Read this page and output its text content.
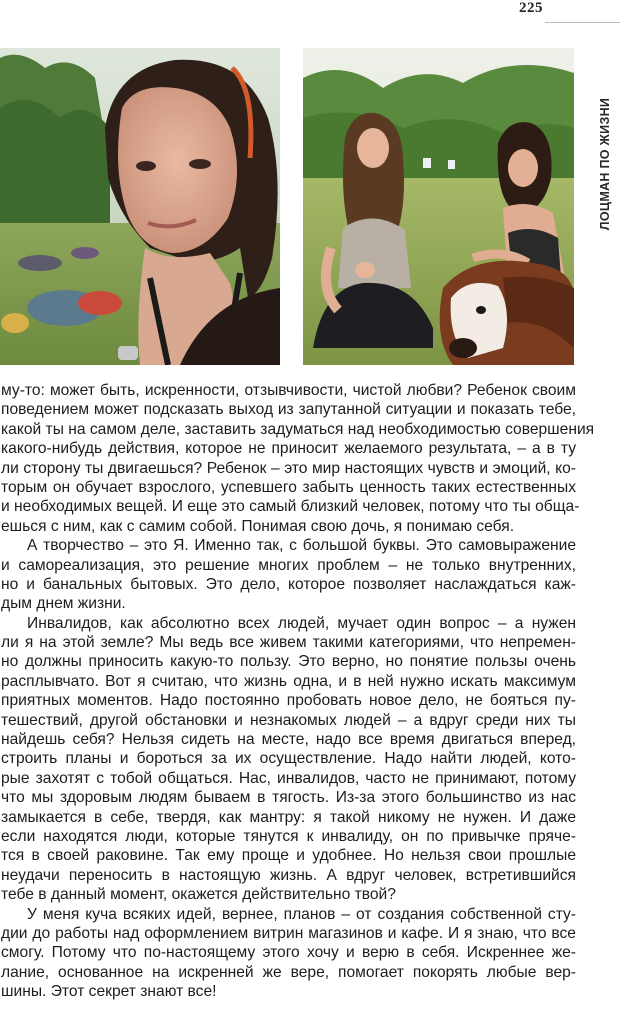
225
ЛОЦМАН ПО ЖИЗНИ
му-то: может быть, искренности, отзывчивости, чистой любви? Ребенок своим
поведением может подсказать выход из запутанной ситуации и показать тебе,
какой ты на самом деле, заставить задуматься над необходимостью совершения
какого-нибудь действия, которое не приносит желаемого результата, – а в ту
ли сторону ты двигаешься? Ребенок – это мир настоящих чувств и эмоций, ко-
торым он обучает взрослого, успевшего забыть ценность таких естественных
и необходимых вещей. И еще это самый близкий человек, потому что ты обща-
ешься с ним, как с самим собой. Понимая свою дочь, я понимаю себя.
А творчество – это Я. Именно так, с большой буквы. Это самовыражение
и самореализация, это решение многих проблем – не только внутренних,
но и банальных бытовых. Это дело, которое позволяет наслаждаться каж-
дым днем жизни.
Инвалидов, как абсолютно всех людей, мучает один вопрос – а нужен
ли я на этой земле? Мы ведь все живем такими категориями, что непремен-
но должны приносить какую-то пользу. Это верно, но понятие пользы очень
расплывчато. Вот я считаю, что жизнь одна, и в ней нужно искать максимум
приятных моментов. Надо постоянно пробовать новое дело, не бояться пу-
тешествий, другой обстановки и незнакомых людей – а вдруг среди них ты
найдешь себя? Нельзя сидеть на месте, надо все время двигаться вперед,
строить планы и бороться за их осуществление. Надо найти людей, кото-
рые захотят с тобой общаться. Нас, инвалидов, часто не принимают, потому
что мы здоровым людям бываем в тягость. Из-за этого большинство из нас
замыкается в себе, твердя, как мантру: я такой никому не нужен. И даже
если находятся люди, которые тянутся к инвалиду, он по привычке пряче-
тся в своей раковине. Так ему проще и удобнее. Но нельзя свои прошлые
неудачи переносить в настоящую жизнь. А вдруг человек, встретившийся
тебе в данный момент, окажется действительно твой?
У меня куча всяких идей, вернее, планов – от создания собственной сту-
дии до работы над оформлением витрин магазинов и кафе. И я знаю, что все
смогу. Потому что по-настоящему этого хочу и верю в себя. Искреннее же-
лание, основанное на искренней же вере, помогает покорять любые вер-
шины. Этот секрет знают все!
